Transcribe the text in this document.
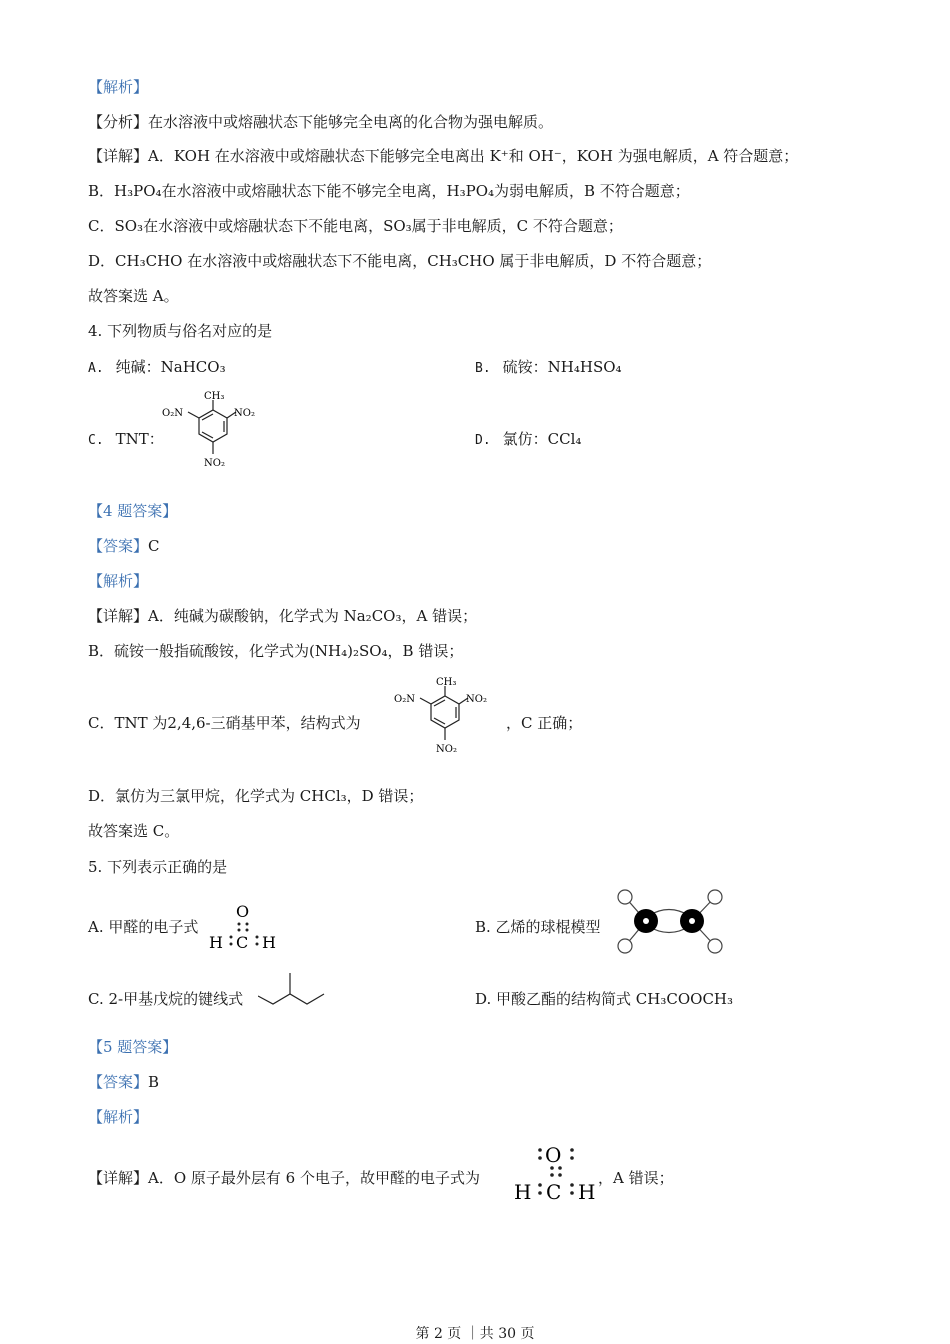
【解析】
【分析】在水溶液中或熔融状态下能够完全电离的化合物为强电解质。
【详解】A．KOH 在水溶液中或熔融状态下能够完全电离出 K⁺和 OH⁻，KOH 为强电解质，A 符合题意；
B．H₃PO₄在水溶液中或熔融状态下能不够完全电离，H₃PO₄为弱电解质，B 不符合题意；
C．SO₃在水溶液中或熔融状态下不能电离，SO₃属于非电解质，C 不符合题意；
D．CH₃CHO 在水溶液中或熔融状态下不能电离，CH₃CHO 属于非电解质，D 不符合题意；
故答案选 A。
4. 下列物质与俗名对应的是
A. 纯碱：NaHCO₃	B. 硫铵：NH₄HSO₄
C. TNT：	D. 氯仿：CCl₄
CH₃
O₂N	NO₂
NO₂
【4 题答案】
【答案】C
【解析】
【详解】A．纯碱为碳酸钠，化学式为 Na₂CO₃，A 错误；
B．硫铵一般指硫酸铵，化学式为(NH₄)₂SO₄，B 错误；
C．TNT 为2,4,6-三硝基甲苯，结构式为
CH₃
O₂N	NO₂
NO₂
，C 正确；
D．氯仿为三氯甲烷，化学式为 CHCl₃，D 错误；
故答案选 C。
5. 下列表示正确的是
A. 甲醛的电子式
O
H C H
B. 乙烯的球棍模型
C. 2-甲基戊烷的键线式	D. 甲酸乙酯的结构简式 CH₃COOCH₃
【5 题答案】
【答案】B
【解析】
【详解】A．O 原子最外层有 6 个电子，故甲醛的电子式为
O
H C H
，A 错误；
第 2 页 ｜共 30 页
